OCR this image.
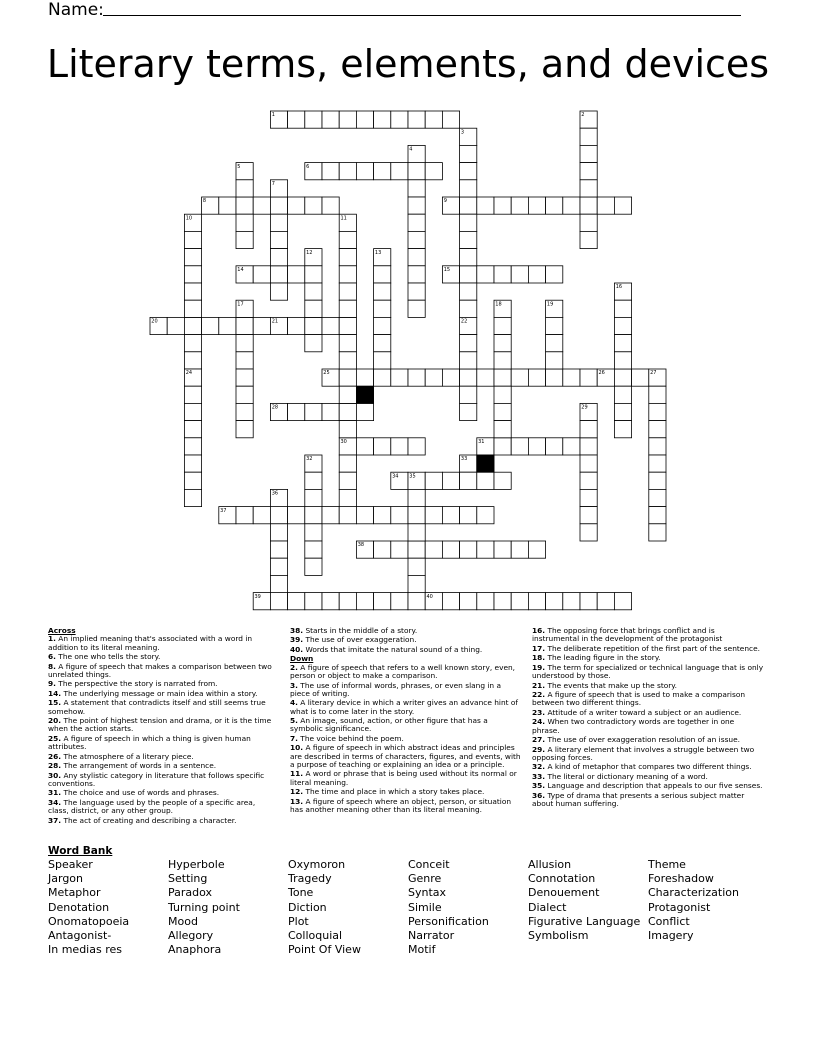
Name:
Literary terms, elements, and devices
1	2
3
4
5	6
7
8	9
10	11
12	13
14	15
16
17	18	19
20	21	22
24	25	26	27
28	29
30	31
32	33
34 35
36
37
38
39	40
Across
1. An implied meaning that's associated with a word in addition to its literal meaning.
6. The one who tells the story.
8. A figure of speech that makes a comparison between two unrelated things.
9. The perspective the story is narrated from.
14. The underlying message or main idea within a story.
15. A statement that contradicts itself and still seems true somehow.
20. The point of highest tension and drama, or it is the time when the action starts.
25. A figure of speech in which a thing is given human attributes.
26. The atmosphere of a literary piece.
28. The arrangement of words in a sentence.
30. Any stylistic category in literature that follows specific conventions.
31. The choice and use of words and phrases.
34. The language used by the people of a specific area, class, district, or any other group.
37. The act of creating and describing a character.
38. Starts in the middle of a story.
39. The use of over exaggeration.
40. Words that imitate the natural sound of a thing.
Down
2. A figure of speech that refers to a well known story, even, person or object to make a comparison.
3. The use of informal words, phrases, or even slang in a piece of writing.
4. A literary device in which a writer gives an advance hint of what is to come later in the story.
5. An image, sound, action, or other figure that has a symbolic significance.
7. The voice behind the poem.
10. A figure of speech in which abstract ideas and principles are described in terms of characters, figures, and events, with a purpose of teaching or explaining an idea or a principle.
11. A word or phrase that is being used without its normal or literal meaning.
12. The time and place in which a story takes place.
13. A figure of speech where an object, person, or situation has another meaning other than its literal meaning.
16. The opposing force that brings conflict and is instrumental in the development of the protagonist
17. The deliberate repetition of the first part of the sentence.
18. The leading figure in the story.
19. The term for specialized or technical language that is only understood by those.
21. The events that make up the story.
22. A figure of speech that is used to make a comparison between two different things.
23. Attitude of a writer toward a subject or an audience.
24. When two contradictory words are together in one phrase.
27. The use of over exaggeration resolution of an issue.
29. A literary element that involves a struggle between two opposing forces.
32. A kind of metaphor that compares two different things.
33. The literal or dictionary meaning of a word.
35. Language and description that appeals to our five senses.
36. Type of drama that presents a serious subject matter about human suffering.
Word Bank
Speaker
Jargon
Metaphor
Denotation
Onomatopoeia
Antagonist-
In medias res
Hyperbole
Setting
Paradox
Turning point
Mood
Allegory
Anaphora
Oxymoron
Tragedy
Tone
Diction
Plot
Colloquial
Point Of View
Conceit
Genre
Syntax
Simile
Personification
Narrator
Motif
Allusion
Connotation
Denouement
Dialect
Figurative Language
Symbolism
Theme
Foreshadow
Characterization
Protagonist
Conflict
Imagery
